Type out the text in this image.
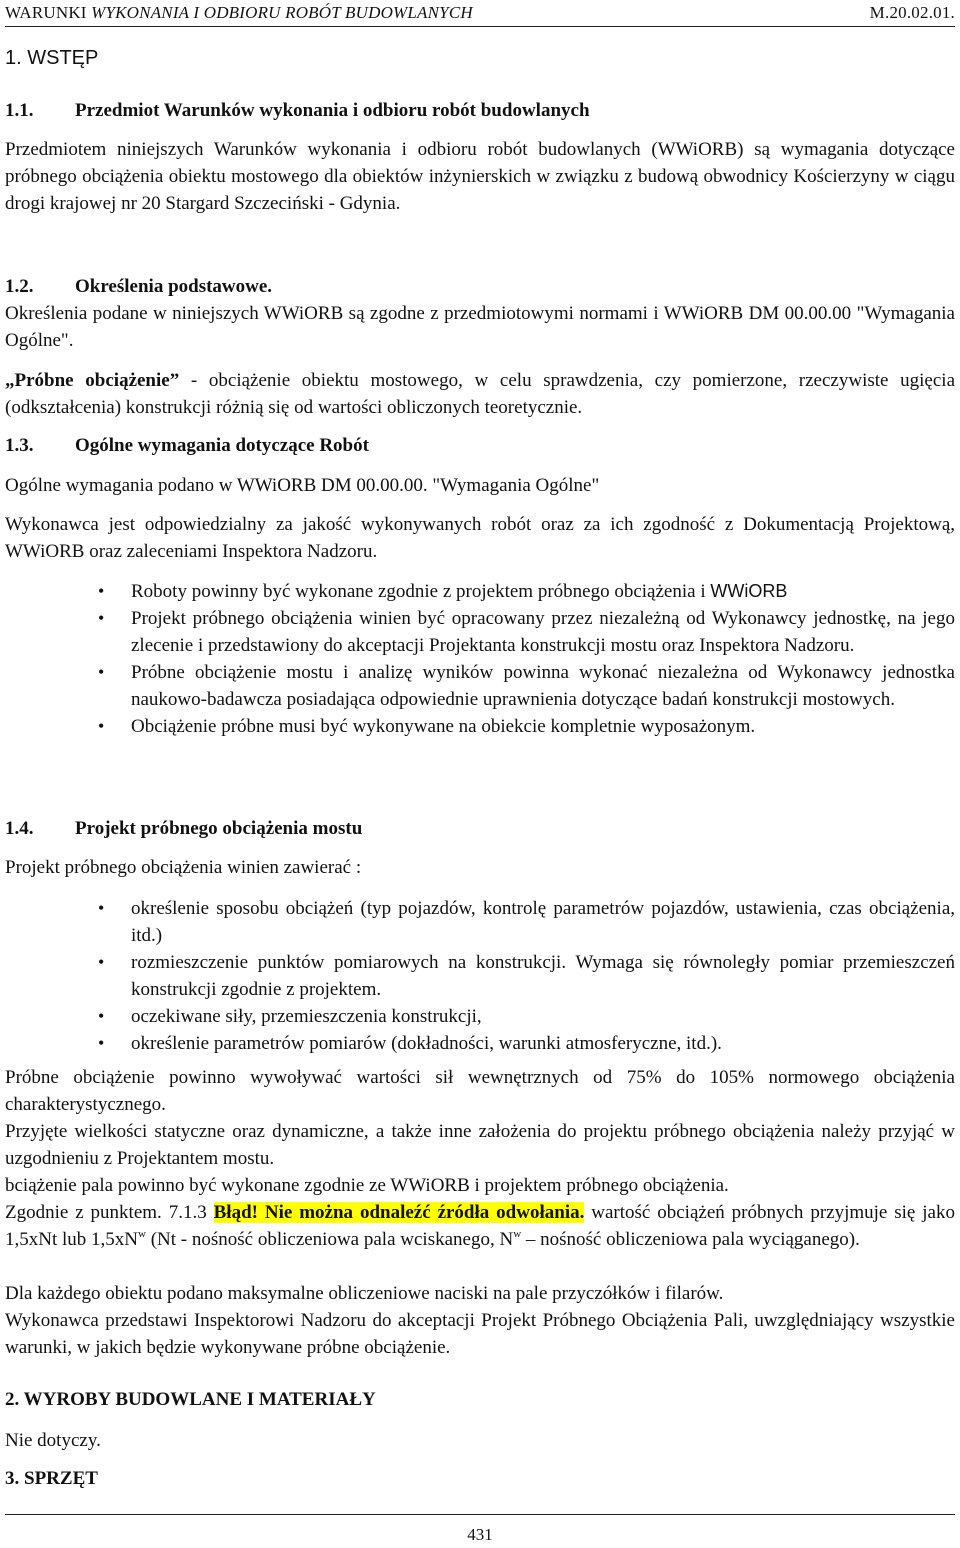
WARUNKI WYKONANIA I ODBIORU ROBÓT BUDOWLANYCH	M.20.02.01.
1. WSTĘP
1.1. Przedmiot Warunków wykonania i odbioru robót budowlanych
Przedmiotem niniejszych Warunków wykonania i odbioru robót budowlanych (WWiORB) są wymagania dotyczące próbnego obciążenia obiektu mostowego dla obiektów inżynierskich w związku z budową obwodnicy Kościerzyny w ciągu drogi krajowej nr 20 Stargard Szczeciński - Gdynia.
1.2. Określenia podstawowe.
Określenia podane w niniejszych WWiORB są zgodne z przedmiotowymi normami i WWiORB DM 00.00.00 "Wymagania Ogólne".
„Próbne obciążenie” - obciążenie obiektu mostowego, w celu sprawdzenia, czy pomierzone, rzeczywiste ugięcia (odkształcenia) konstrukcji różnią się od wartości obliczonych teoretycznie.
1.3. Ogólne wymagania dotyczące Robót
Ogólne wymagania podano w WWiORB DM 00.00.00. "Wymagania Ogólne"
Wykonawca jest odpowiedzialny za jakość wykonywanych robót oraz za ich zgodność z Dokumentacją Projektową, WWiORB oraz zaleceniami Inspektora Nadzoru.
• Roboty powinny być wykonane zgodnie z projektem próbnego obciążenia i WWiORB
• Projekt próbnego obciążenia winien być opracowany przez niezależną od Wykonawcy jednostkę, na jego zlecenie i przedstawiony do akceptacji Projektanta konstrukcji mostu oraz Inspektora Nadzoru.
• Próbne obciążenie mostu i analizę wyników powinna wykonać niezależna od Wykonawcy jednostka naukowo-badawcza posiadająca odpowiednie uprawnienia dotyczące badań konstrukcji mostowych.
• Obciążenie próbne musi być wykonywane na obiekcie kompletnie wyposażonym.
1.4. Projekt próbnego obciążenia mostu
Projekt próbnego obciążenia winien zawierać :
• określenie sposobu obciążeń (typ pojazdów, kontrolę parametrów pojazdów, ustawienia, czas obciążenia, itd.)
• rozmieszczenie punktów pomiarowych na konstrukcji. Wymaga się równoległy pomiar przemieszczeń konstrukcji zgodnie z projektem.
• oczekiwane siły, przemieszczenia konstrukcji,
• określenie parametrów pomiarów (dokładności, warunki atmosferyczne, itd.).
Próbne obciążenie powinno wywoływać wartości sił wewnętrznych od 75% do 105% normowego obciążenia charakterystycznego.
Przyjęte wielkości statyczne oraz dynamiczne, a także inne założenia do projektu próbnego obciążenia należy przyjąć w uzgodnieniu z Projektantem mostu.
bciążenie pala powinno być wykonane zgodnie ze WWiORB i projektem próbnego obciążenia.
Zgodnie z punktem. 7.1.3 Błąd! Nie można odnaleźć źródła odwołania. wartość obciążeń próbnych przyjmuje się jako 1,5xNt lub $1,5xN^w$ (Nt - nośność obliczeniowa pala wciskanego, $N^w$ – nośność obliczeniowa pala wyciąganego).
Dla każdego obiektu podano maksymalne obliczeniowe naciski na pale przyczółków i filarów.
Wykonawca przedstawi Inspektorowi Nadzoru do akceptacji Projekt Próbnego Obciążenia Pali, uwzględniający wszystkie warunki, w jakich będzie wykonywane próbne obciążenie.
2. WYROBY BUDOWLANE I MATERIAŁY
Nie dotyczy.
3. SPRZĘT
431
